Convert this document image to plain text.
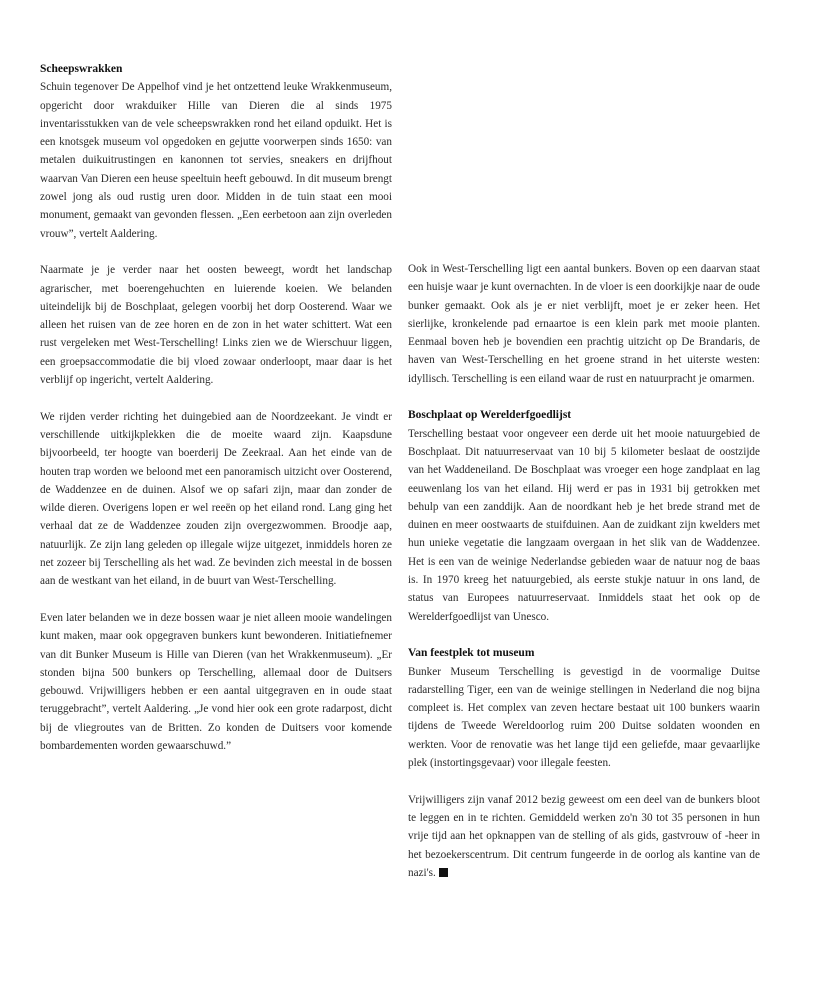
Scheepswrakken

Schuin tegenover De Appelhof vind je het ontzettend leuke Wrakkenmuseum, opgericht door wrakduiker Hille van Dieren die al sinds 1975 inventarisstukken van de vele scheepswrakken rond het eiland opduikt. Het is een knotsgek museum vol opgedoken en gejutte voorwerpen sinds 1650: van metalen duikuitrustingen en kanonnen tot servies, sneakers en drijfhout waarvan Van Dieren een heuse speeltuin heeft gebouwd. In dit museum brengt zowel jong als oud rustig uren door. Midden in de tuin staat een mooi monument, gemaakt van gevonden flessen. „Een eerbetoon aan zijn overleden vrouw”, vertelt Aaldering.

Naarmate je je verder naar het oosten beweegt, wordt het landschap agrarischer, met boerengehuchten en luierende koeien. We belanden uiteindelijk bij de Boschplaat, gelegen voorbij het dorp Oosterend. Waar we alleen het ruisen van de zee horen en de zon in het water schittert. Wat een rust vergeleken met West-Terschelling! Links zien we de Wierschuur liggen, een groepsaccommodatie die bij vloed zowaar onderloopt, maar daar is het verblijf op ingericht, vertelt Aaldering.

We rijden verder richting het duingebied aan de Noordzeekant. Je vindt er verschillende uitkijkplekken die de moeite waard zijn. Kaapsdune bijvoorbeeld, ter hoogte van boerderij De Zeekraal. Aan het einde van de houten trap worden we beloond met een panoramisch uitzicht over Oosterend, de Waddenzee en de duinen. Alsof we op safari zijn, maar dan zonder de wilde dieren. Overigens lopen er wel reeën op het eiland rond. Lang ging het verhaal dat ze de Waddenzee zouden zijn overgezwommen. Broodje aap, natuurlijk. Ze zijn lang geleden op illegale wijze uitgezet, inmiddels horen ze net zozeer bij Terschelling als het wad. Ze bevinden zich meestal in de bossen aan de westkant van het eiland, in de buurt van West-Terschelling.

Even later belanden we in deze bossen waar je niet alleen mooie wandelingen kunt maken, maar ook opgegraven bunkers kunt bewonderen. Initiatiefnemer van dit Bunker Museum is Hille van Dieren (van het Wrakkenmuseum). „Er stonden bijna 500 bunkers op Terschelling, allemaal door de Duitsers gebouwd. Vrijwilligers hebben er een aantal uitgegraven en in oude staat teruggebracht”, vertelt Aaldering. „Je vond hier ook een grote radarpost, dicht bij de vliegroutes van de Britten. Zo konden de Duitsers voor komende bombardementen worden gewaarschuwd.”

Ook in West-Terschelling ligt een aantal bunkers. Boven op een daarvan staat een huisje waar je kunt overnachten. In de vloer is een doorkijkje naar de oude bunker gemaakt. Ook als je er niet verblijft, moet je er zeker heen. Het sierlijke, kronkelende pad ernaartoe is een klein park met mooie planten. Eenmaal boven heb je bovendien een prachtig uitzicht op De Brandaris, de haven van West-Terschelling en het groene strand in het uiterste westen: idyllisch. Terschelling is een eiland waar de rust en natuurpracht je omarmen.

Boschplaat op Werelderfgoedlijst

Terschelling bestaat voor ongeveer een derde uit het mooie natuurgebied de Boschplaat. Dit natuurreservaat van 10 bij 5 kilometer beslaat de oostzijde van het Waddeneiland. De Boschplaat was vroeger een hoge zandplaat en lag eeuwenlang los van het eiland. Hij werd er pas in 1931 bij getrokken met behulp van een zanddijk. Aan de noordkant heb je het brede strand met de duinen en meer oostwaarts de stuifduinen. Aan de zuidkant zijn kwelders met hun unieke vegetatie die langzaam overgaan in het slik van de Waddenzee. Het is een van de weinige Nederlandse gebieden waar de natuur nog de baas is. In 1970 kreeg het natuurgebied, als eerste stukje natuur in ons land, de status van Europees natuurreservaat. Inmiddels staat het ook op de Werelderfgoedlijst van Unesco.

Van feestplek tot museum

Bunker Museum Terschelling is gevestigd in de voormalige Duitse radarstelling Tiger, een van de weinige stellingen in Nederland die nog bijna compleet is. Het complex van zeven hectare bestaat uit 100 bunkers waarin tijdens de Tweede Wereldoorlog ruim 200 Duitse soldaten woonden en werkten. Voor de renovatie was het lange tijd een geliefde, maar gevaarlijke plek (instortingsgevaar) voor illegale feesten.

Vrijwilligers zijn vanaf 2012 bezig geweest om een deel van de bunkers bloot te leggen en in te richten. Gemiddeld werken zo'n 30 tot 35 personen in hun vrije tijd aan het opknappen van de stelling of als gids, gastvrouw of -heer in het bezoekerscentrum. Dit centrum fungeerde in de oorlog als kantine van de nazi's.
